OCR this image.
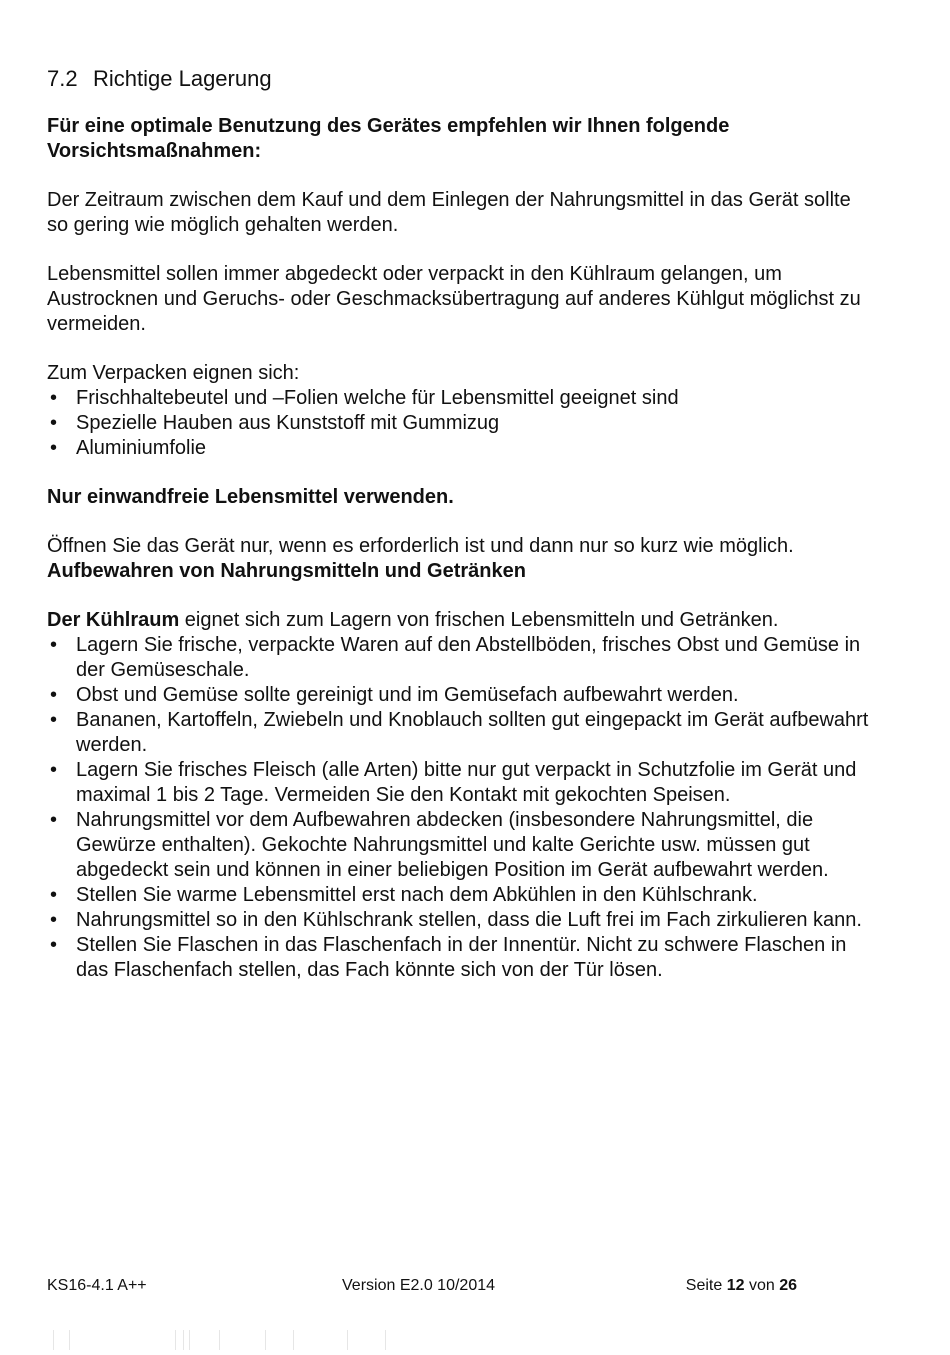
7.2 Richtige Lagerung

Für eine optimale Benutzung des Gerätes empfehlen wir Ihnen folgende Vorsichtsmaßnahmen:

Der Zeitraum zwischen dem Kauf und dem Einlegen der Nahrungsmittel in das Gerät sollte so gering wie möglich gehalten werden.

Lebensmittel sollen immer abgedeckt oder verpackt in den Kühlraum gelangen, um Austrocknen und Geruchs- oder Geschmacksübertragung auf anderes Kühlgut möglichst zu vermeiden.

Zum Verpacken eignen sich:

• Frischhaltebeutel und –Folien welche für Lebensmittel geeignet sind
• Spezielle Hauben aus Kunststoff mit Gummizug
• Aluminiumfolie

Nur einwandfreie Lebensmittel verwenden.

Öffnen Sie das Gerät nur, wenn es erforderlich ist und dann nur so kurz wie möglich.

Aufbewahren von Nahrungsmitteln und Getränken

Der Kühlraum eignet sich zum Lagern von frischen Lebensmitteln und Getränken.

• Lagern Sie frische, verpackte Waren auf den Abstellböden, frisches Obst und Gemüse in der Gemüseschale.
• Obst und Gemüse sollte gereinigt und im Gemüsefach aufbewahrt werden.
• Bananen, Kartoffeln, Zwiebeln und Knoblauch sollten gut eingepackt im Gerät aufbewahrt werden.
• Lagern Sie frisches Fleisch (alle Arten) bitte nur gut verpackt in Schutzfolie im Gerät und maximal 1 bis 2 Tage. Vermeiden Sie den Kontakt mit gekochten Speisen.
• Nahrungsmittel vor dem Aufbewahren abdecken (insbesondere Nahrungsmittel, die Gewürze enthalten). Gekochte Nahrungsmittel und kalte Gerichte usw. müssen gut abgedeckt sein und können in einer beliebigen Position im Gerät aufbewahrt werden.
• Stellen Sie warme Lebensmittel erst nach dem Abkühlen in den Kühlschrank.
• Nahrungsmittel so in den Kühlschrank stellen, dass die Luft frei im Fach zirkulieren kann.
• Stellen Sie Flaschen in das Flaschenfach in der Innentür. Nicht zu schwere Flaschen in das Flaschenfach stellen, das Fach könnte sich von der Tür lösen.
KS16-4.1 A++	Version E2.0 10/2014	Seite 12 von 26
